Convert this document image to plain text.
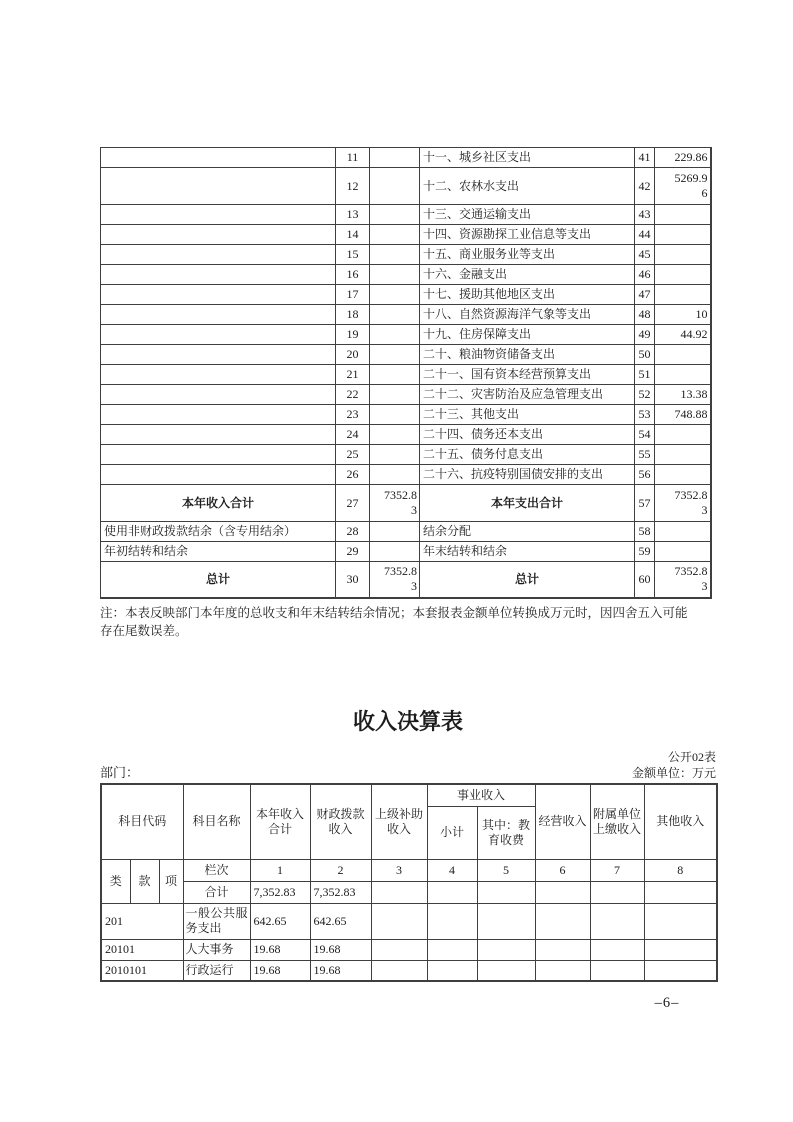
	11		十一、城乡社区支出	41	229.86
	12		十二、农林水支出	42	5269.96
	13		十三、交通运输支出	43	
	14		十四、资源勘探工业信息等支出	44	
	15		十五、商业服务业等支出	45	
	16		十六、金融支出	46	
	17		十七、援助其他地区支出	47	
	18		十八、自然资源海洋气象等支出	48	10
	19		十九、住房保障支出	49	44.92
	20		二十、粮油物资储备支出	50	
	21		二十一、国有资本经营预算支出	51	
	22		二十二、灾害防治及应急管理支出	52	13.38
	23		二十三、其他支出	53	748.88
	24		二十四、债务还本支出	54	
	25		二十五、债务付息支出	55	
	26		二十六、抗疫特别国债安排的支出	56	
本年收入合计	27	7352.83	本年支出合计	57	7352.83
使用非财政拨款结余（含专用结余）	28		结余分配	58	
年初结转和结余	29		年末结转和结余	59	
总计	30	7352.83	总计	60	7352.83
注：本表反映部门本年度的总收支和年末结转结余情况；本套报表金额单位转换成万元时，因四舍五入可能
存在尾数误差。
收入决算表
公开02表
部门：	金额单位：万元
科目代码			科目名称	本年收入合计	财政拨款收入	上级补助收入	事业收入		经营收入	附属单位上缴收入	其他收入
							小计	其中：教育收费			
类	款	项	栏次	1	2	3	4	5	6	7	8
			合计	7,352.83	7,352.83						
201			一般公共服务支出	642.65	642.65						
20101			人大事务	19.68	19.68						
2010101			行政运行	19.68	19.68						
–6–
